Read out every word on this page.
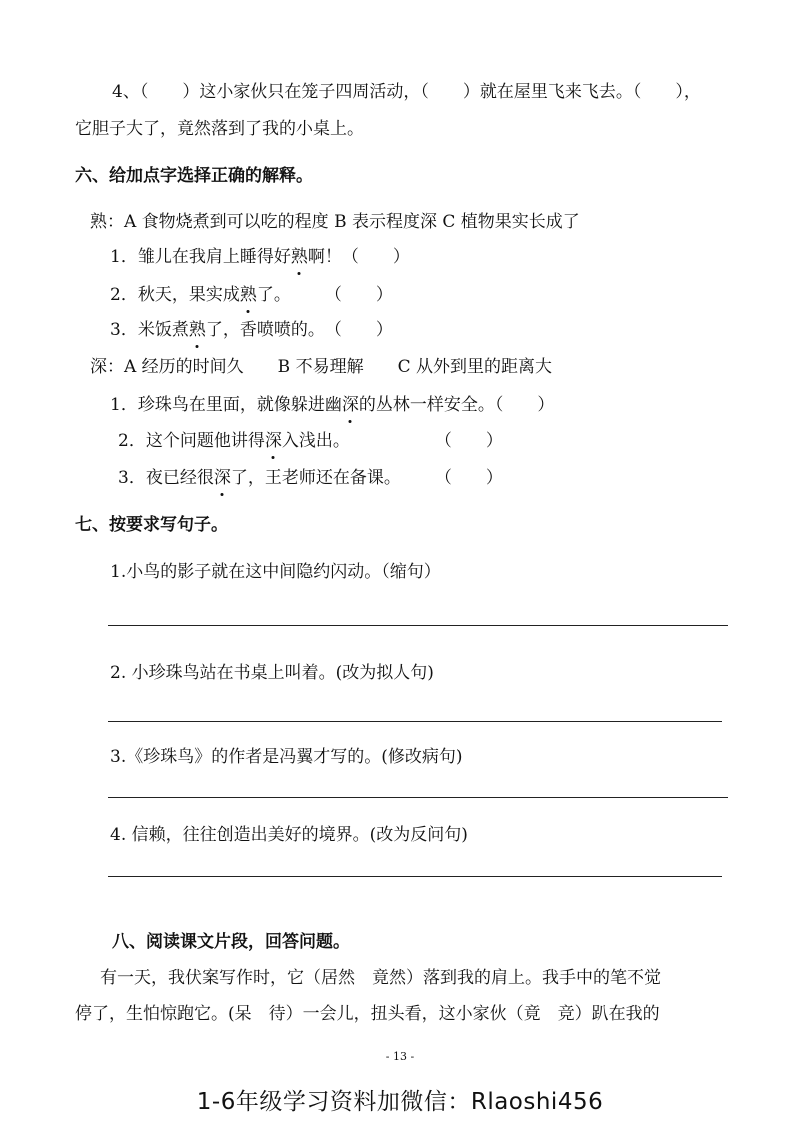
4、（　　）这小家伙只在笼子四周活动，（　　）就在屋里飞来飞去。（　　），
它胆子大了，竟然落到了我的小桌上。
六、给加点字选择正确的解释。
熟：A 食物烧煮到可以吃的程度 B 表示程度深 C 植物果实长成了
1．雏儿在我肩上睡得好熟啊！（　　）
2．秋天，果实成熟了。　　　（　　）
3．米饭煮熟了，香喷喷的。　（　　）
深：A 经历的时间久　　B 不易理解　　C 从外到里的距离大
1．珍珠鸟在里面，就像躲进幽深的丛林一样安全。（　　）
2．这个问题他讲得深入浅出。　　　　　　（　　）
3．夜已经很深了，王老师还在备课。　　　（　　）
七、按要求写句子。
1.小鸟的影子就在这中间隐约闪动。（缩句）
2. 小珍珠鸟站在书桌上叫着。(改为拟人句)
3.《珍珠鸟》的作者是冯翼才写的。(修改病句)
4. 信赖，往往创造出美好的境界。(改为反问句)
八、阅读课文片段，回答问题。
有一天，我伏案写作时，它（居然　竟然）落到我的肩上。我手中的笔不觉
停了，生怕惊跑它。(呆　待）一会儿，扭头看，这小家伙（竟　竞）趴在我的
- 13 -
1-6年级学习资料加微信：Rlaoshi456
